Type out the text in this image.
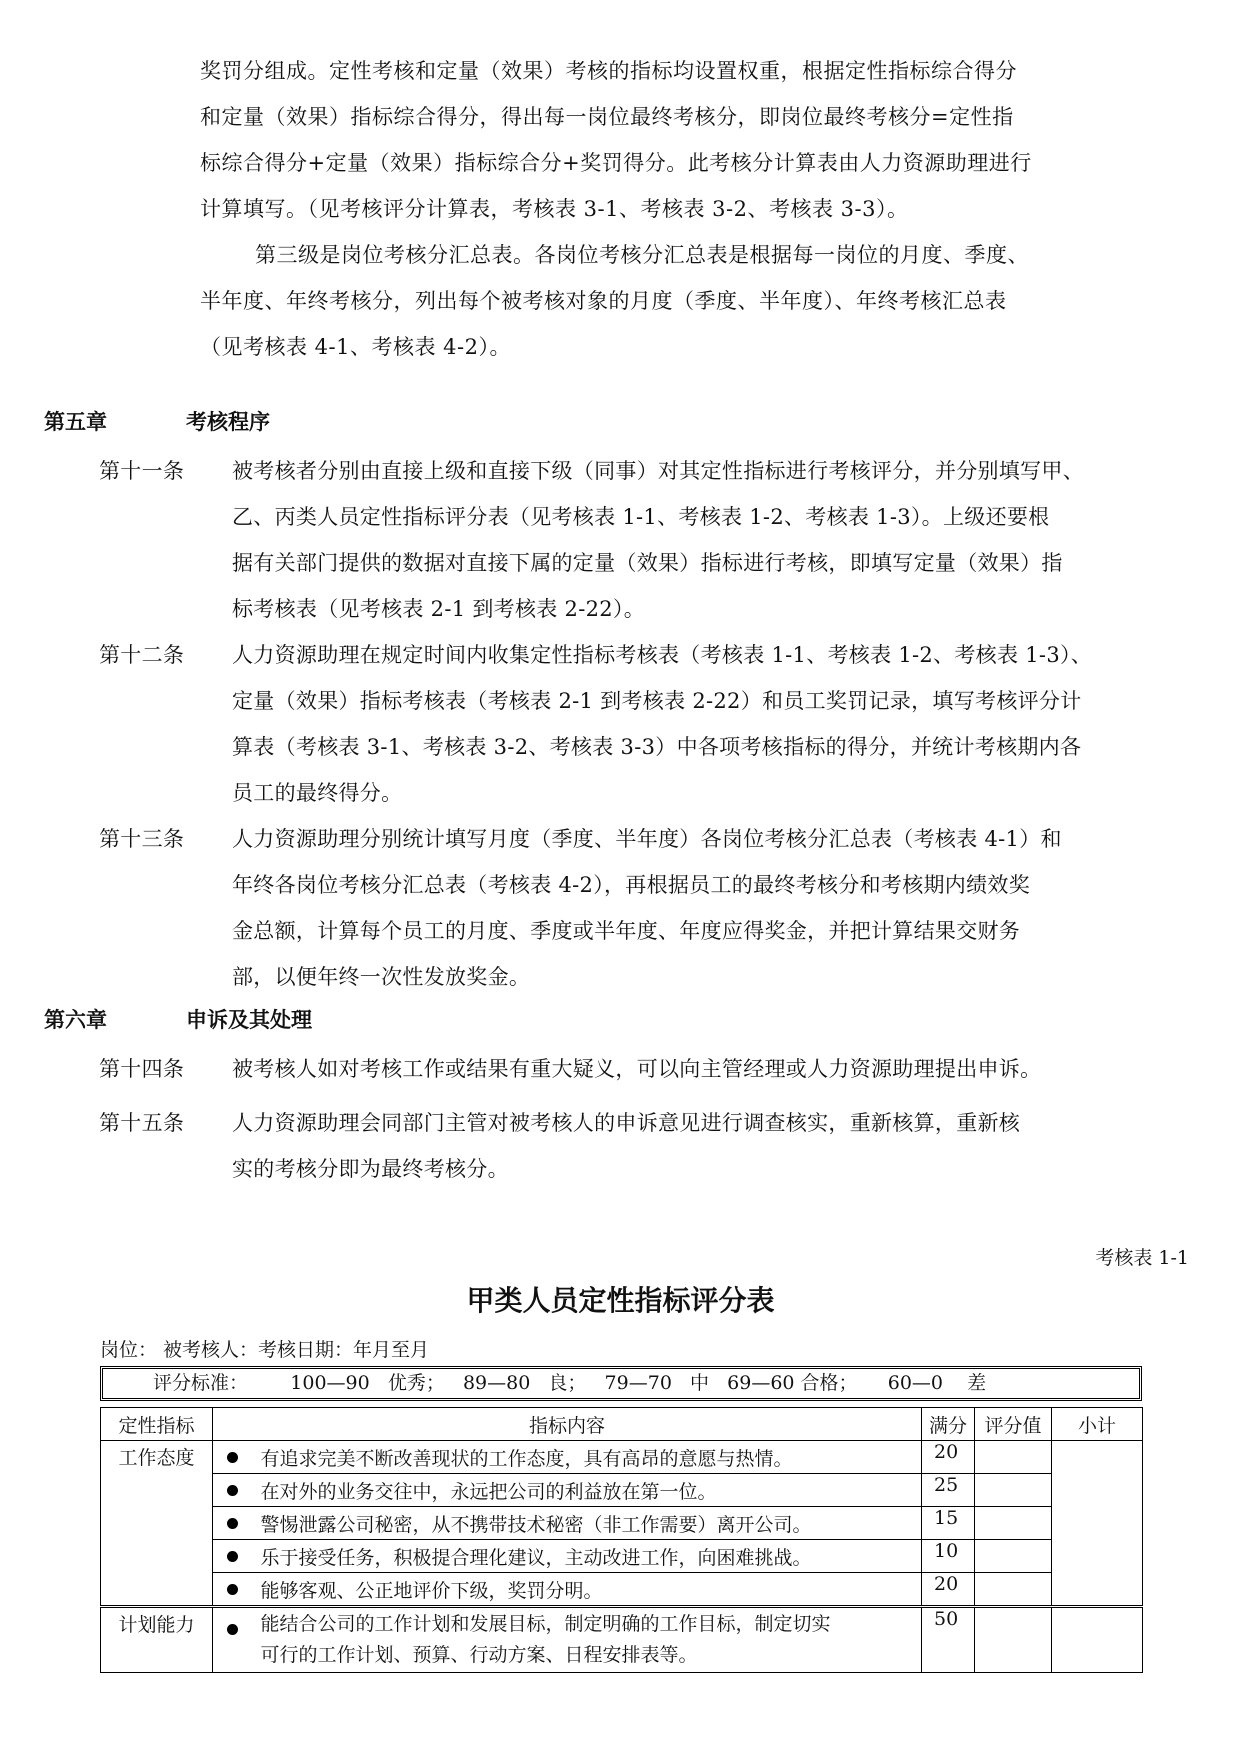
奖罚分组成。定性考核和定量（效果）考核的指标均设置权重，根据定性指标综合得分
和定量（效果）指标综合得分，得出每一岗位最终考核分，即岗位最终考核分=定性指
标综合得分+定量（效果）指标综合分+奖罚得分。此考核分计算表由人力资源助理进行
计算填写。（见考核评分计算表，考核表 3-1、考核表 3-2、考核表 3-3）。
第三级是岗位考核分汇总表。各岗位考核分汇总表是根据每一岗位的月度、季度、
半年度、年终考核分，列出每个被考核对象的月度（季度、半年度）、年终考核汇总表
（见考核表 4-1、考核表 4-2）。
第五章	考核程序
第十一条 被考核者分别由直接上级和直接下级（同事）对其定性指标进行考核评分，并分别填写甲、
乙、丙类人员定性指标评分表（见考核表 1-1、考核表 1-2、考核表 1-3）。上级还要根
据有关部门提供的数据对直接下属的定量（效果）指标进行考核，即填写定量（效果）指
标考核表（见考核表 2-1 到考核表 2-22）。
第十二条 人力资源助理在规定时间内收集定性指标考核表（考核表 1-1、考核表 1-2、考核表 1-3）、
定量（效果）指标考核表（考核表 2-1 到考核表 2-22）和员工奖罚记录，填写考核评分计
算表（考核表 3-1、考核表 3-2、考核表 3-3）中各项考核指标的得分，并统计考核期内各
员工的最终得分。
第十三条 人力资源助理分别统计填写月度（季度、半年度）各岗位考核分汇总表（考核表 4-1）和
年终各岗位考核分汇总表（考核表 4-2），再根据员工的最终考核分和考核期内绩效奖
金总额，计算每个员工的月度、季度或半年度、年度应得奖金，并把计算结果交财务
部，以便年终一次性发放奖金。
第六章	申诉及其处理
第十四条 被考核人如对考核工作或结果有重大疑义，可以向主管经理或人力资源助理提出申诉。
第十五条 人力资源助理会同部门主管对被考核人的申诉意见进行调查核实，重新核算，重新核
实的考核分即为最终考核分。
考核表 1-1
甲类人员定性指标评分表
岗位： 被考核人：考核日期：年月至月
评分标准：       100—90   优秀；   89—80   良；   79—70   中   69—60 合格；     60—0    差
定性指标	指标内容		满分	评分值	小计
工作态度		有追求完美不断改善现状的工作态度，具有高昂的意愿与热情。	20		
		在对外的业务交往中，永远把公司的利益放在第一位。	25		
		警惕泄露公司秘密，从不携带技术秘密（非工作需要）离开公司。	15		
		乐于接受任务，积极提合理化建议，主动改进工作，向困难挑战。	10		
		能够客观、公正地评价下级，奖罚分明。	20		
计划能力		能结合公司的工作计划和发展目标，制定明确的工作目标，制定切实
可行的工作计划、预算、行动方案、日程安排表等。	50		
